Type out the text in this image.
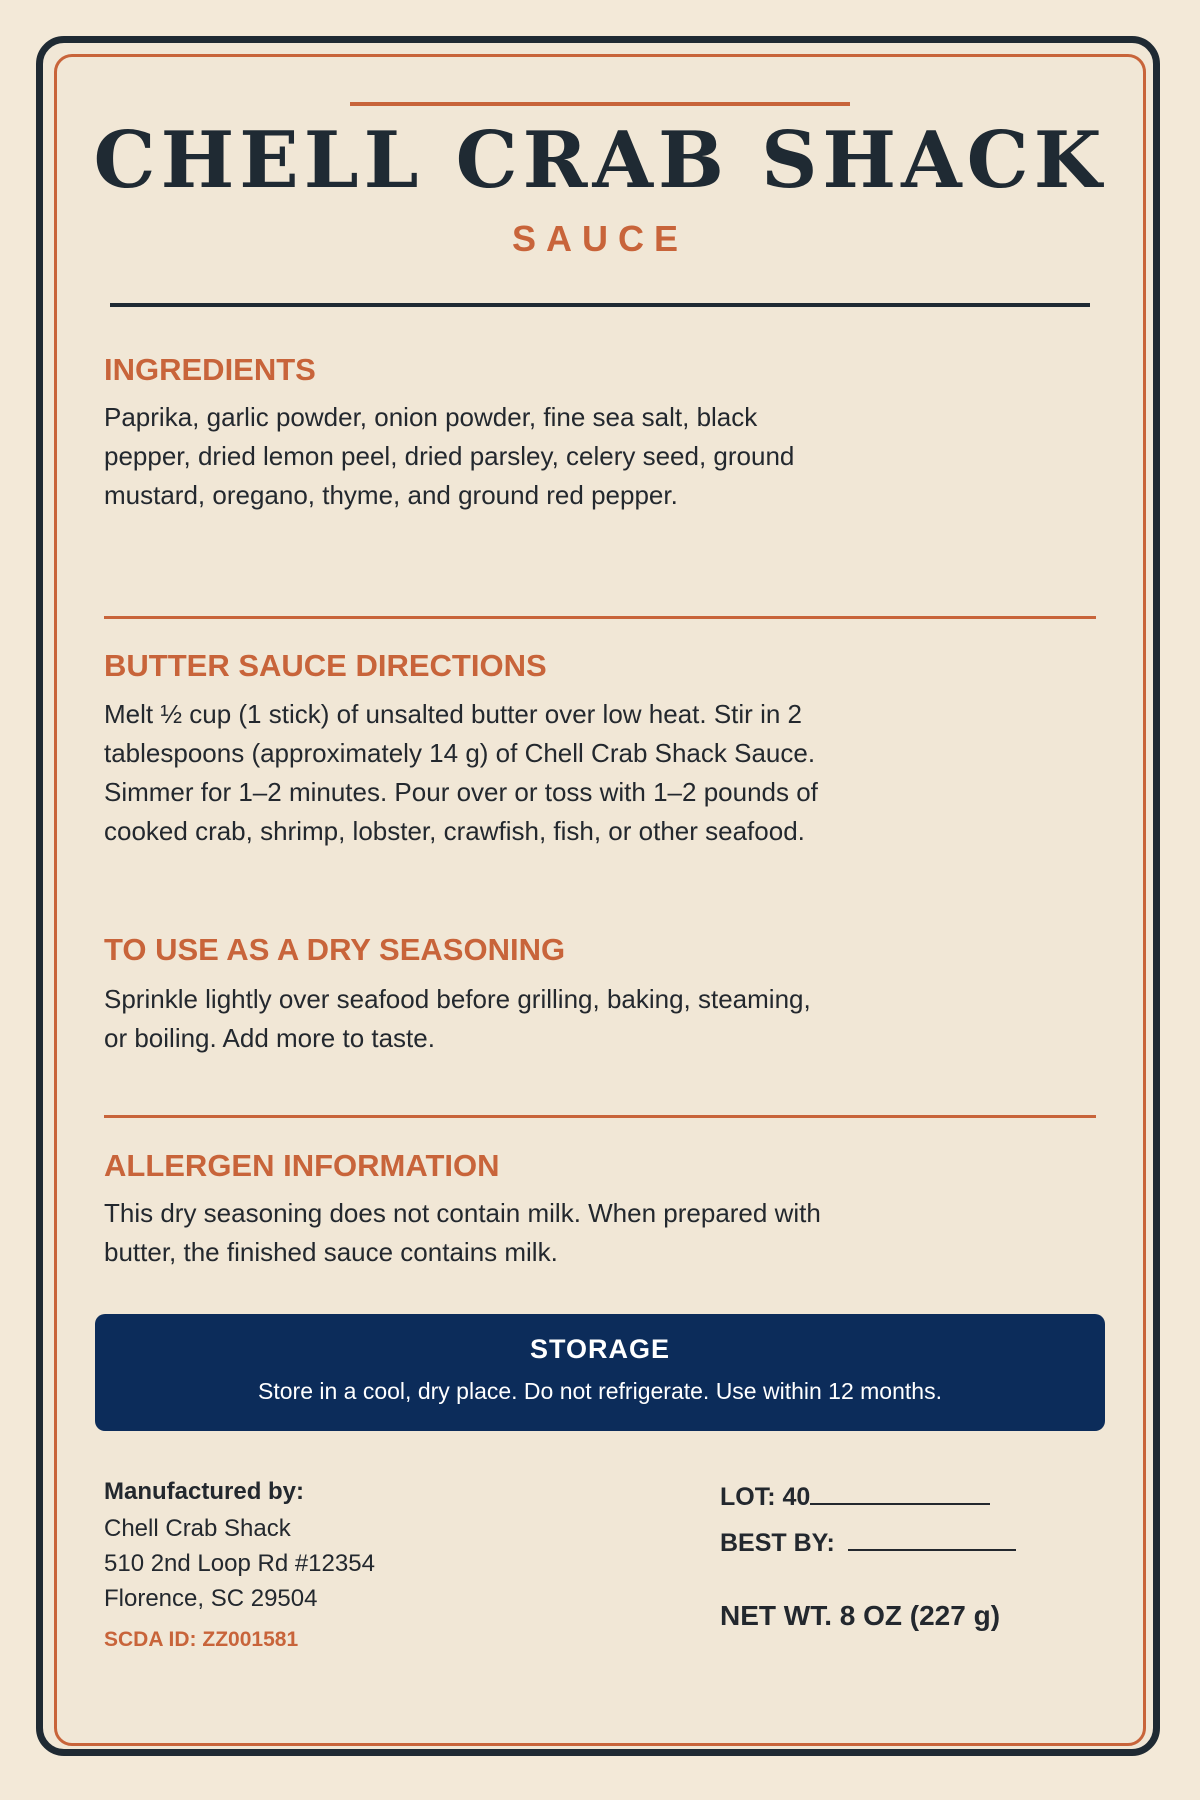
CHELL CRAB SHACK
SAUCE
INGREDIENTS
Paprika, garlic powder, onion powder, fine sea salt, black pepper, dried lemon peel, dried parsley, celery seed, ground mustard, oregano, thyme, and ground red pepper.
BUTTER SAUCE DIRECTIONS
Melt ½ cup (1 stick) of unsalted butter over low heat. Stir in 2 tablespoons (approximately 14 g) of Chell Crab Shack Sauce. Simmer for 1–2 minutes. Pour over or toss with 1–2 pounds of cooked crab, shrimp, lobster, crawfish, fish, or other seafood.
TO USE AS A DRY SEASONING
Sprinkle lightly over seafood before grilling, baking, steaming, or boiling. Add more to taste.
ALLERGEN INFORMATION
This dry seasoning does not contain milk. When prepared with butter, the finished sauce contains milk.
STORAGE
Store in a cool, dry place. Do not refrigerate. Use within 12 months.
Manufactured by:
Chell Crab Shack
510 2nd Loop Rd #12354
Florence, SC 29504
SCDA ID: ZZ001581
LOT: 40
BEST BY:
NET WT. 8 OZ (227 g)
